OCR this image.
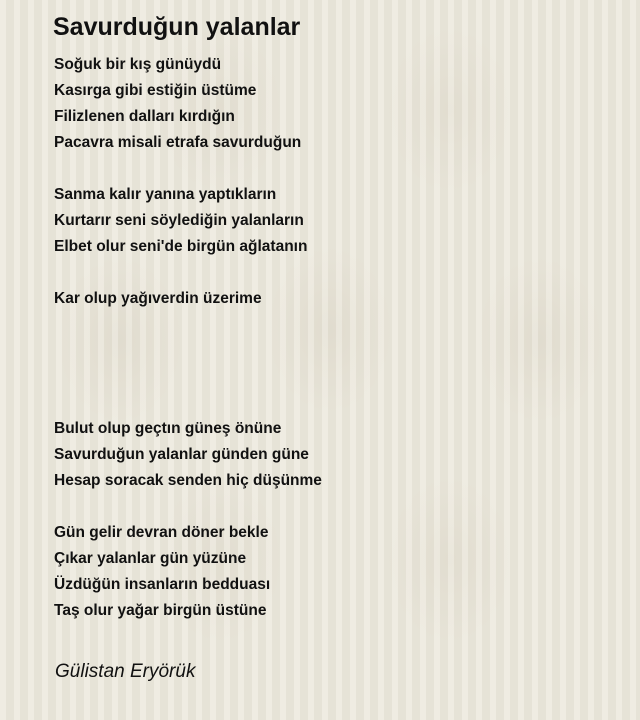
Savurduğun yalanlar
Soğuk bir kış günüydü
Kasırga gibi estiğin üstüme
Filizlenen dalları kırdığın
Pacavra misali etrafa savurduğun
Sanma kalır yanına yaptıkların
Kurtarır seni söylediğin yalanların
Elbet olur seni'de birgün ağlatanın
Kar olup yağıverdin üzerime
Bulut olup geçtın güneş önüne
Savurduğun yalanlar günden güne
Hesap soracak senden hiç düşünme
Gün gelir devran döner bekle
Çıkar yalanlar gün yüzüne
Üzdüğün insanların bedduası
Taş olur yağar birgün üstüne
Gülistan Eryörük
